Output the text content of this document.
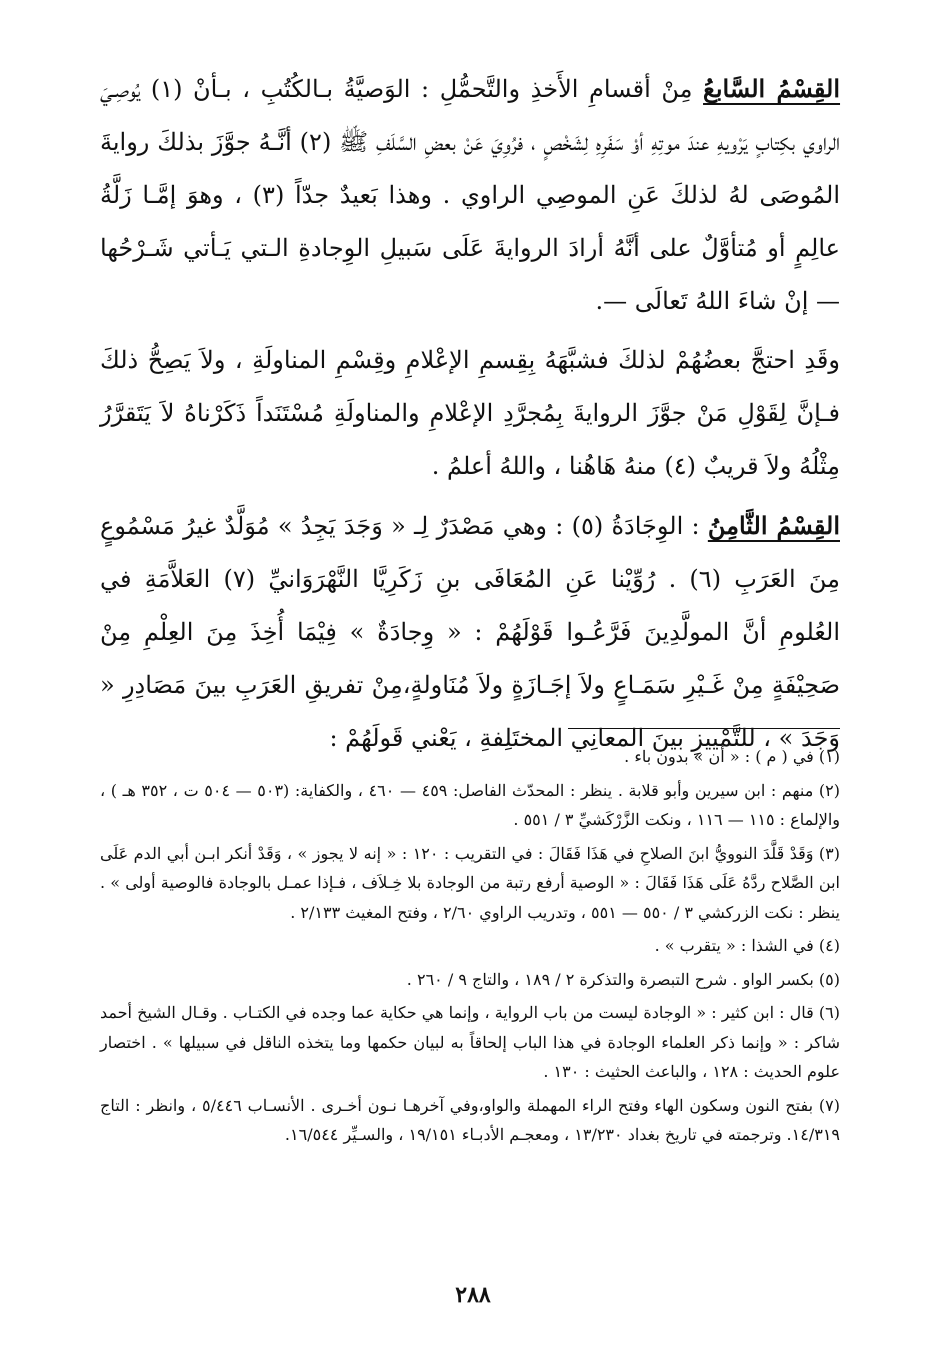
القِسْمُ السَّابعُ مِنْ أقسامِ الأَخذِ والتَّحمُّلِ : الوَصيَّةُ بـالكُتُبِ ، بـأنْ (١) يُوصِـيَ الراوي بكِتابٍ يَرْويهِ عندَ موتِهِ أوْ سَفَرِهِ لِشَخْصٍ ، فرُوِيَ عَنْ بعضِ السَّلَفِ ﷺ (٢) أنَّـهُ جوَّزَ بذلكَ روايةَ المُوصَى لهُ لذلكَ عَنِ الموصِي الراوي . وهذا بَعيدٌ جدّاً (٣) ، وهوَ إمَّـا زَلَّةُ عالِمٍ أو مُتأوَّلٌ على أنَّهُ أرادَ الروايةَ عَلَى سَبيلِ الوِجادةِ الـتي يَـأتي شَـرْحُها — إنْ شاءَ اللهُ تَعالَى —.

وقَدِ احتجَّ بعضُهُمْ لذلكَ فشبَّهَهُ بِقِسمِ الإعْلامِ وقِسْمِ المناولَةِ ، ولاَ يَصِحُّ ذلكَ فـإنَّ لِقَوْلِ مَنْ جوَّزَ الروايةَ بِمُجرَّدِ الإعْلامِ والمناولَةِ مُسْتَنَداً ذَكَرْناهُ لاَ يَتَقرَّرُ مِثْلُهُ ولاَ قريبٌ (٤) منهُ هَاهُنا ، واللهُ أعلمُ .

القِسْمُ الثَّامِنُ : الوِجَادَةُ (٥) : وهي مَصْدَرٌ لِـ « وَجَدَ يَجِدُ » مُوَلَّدٌ غيرُ مَسْمُوعٍ مِنَ العَرَبِ (٦) . رُوِّيْنا عَنِ المُعَافَى بنِ زَكَرِيَّا النَّهْرَوَانيِّ (٧) العَلاَّمَةِ في العُلومِ أنَّ المولَّدِينَ فَرَّعُـوا قَوْلَهُمْ : « وِجادَةٌ » فِيْمَا أُخِذَ مِنَ العِلْمِ مِنْ صَحِيْفَةٍ مِنْ غَـيْرِ سَمَـاعٍ ولاَ إجَـازَةٍ ولاَ مُنَاولةٍ،مِنْ تفريقِ العَرَبِ بينَ مَصَادِرِ « وَجَدَ » ، للتَّمْييزِ بينَ المعانِي المختَلِفةِ ، يَعْني قَولَهُمْ :

(١) في ( م ) : « أن » بدون باء .
(٢) منهم : ابن سيرين وأبو قلابة . ينظر : المحدّث الفاصل: ٤٥٩ — ٤٦٠ ، والكفاية: (٥٠٣ — ٥٠٤ ت ، ٣٥٢ هـ ) ، والإلماع : ١١٥ — ١١٦ ، ونكت الزَّرْكَشيِّ ٣ / ٥٥١ .
(٣) وَقَدْ قَلَّدَ النوويُّ ابنَ الصلاحِ في هَذَا فَقَالَ : في التقريب : ١٢٠ : « إنه لا يجوز » ، وَقَدْ أنكر ابـن أبي الدم عَلَى ابن الصَّلاح ردَّهُ عَلَى هَذَا فَقَالَ : « الوصية أرفع رتبة من الوجادة بلا خِـلاَف ، فـإذا عمـل بالوجادة فالوصية أولى » . ينظر : نكت الزركشي ٣ / ٥٥٠ — ٥٥١ ، وتدريب الراوي ٢/٦٠ ، وفتح المغيث ٢/١٣٣ .
(٤) في الشذا : « يتقرب » .
(٥) بكسر الواو . شرح التبصرة والتذكرة ٢ / ١٨٩ ، والتاج ٩ / ٢٦٠ .
(٦) قال : ابن كثير : « الوجادة ليست من باب الرواية ، وإنما هي حكاية عما وجده في الكتـاب . وقـال الشيخ أحمد شاكر : « وإنما ذكر العلماء الوجادة في هذا الباب إلحاقاً به لبيان حكمها وما يتخذه الناقل في سبيلها » . اختصار علوم الحديث : ١٢٨ ، والباعث الحثيث : ١٣٠ .
(٧) بفتح النون وسكون الهاء وفتح الراء المهملة والواو،وفي آخرهـا نـون أخـرى . الأنسـاب ٥/٤٤٦ ، وانظر : التاج ١٤/٣١٩. وترجمته في تاريخ بغداد ١٣/٢٣٠ ، ومعجـم الأدبـاء ١٩/١٥١ ، والسـيِّر ١٦/٥٤٤.
٢٨٨
